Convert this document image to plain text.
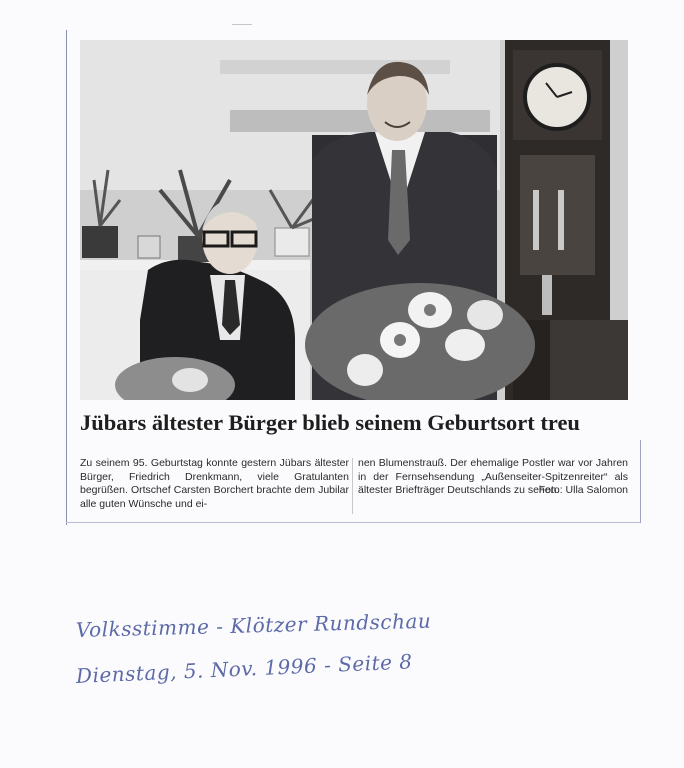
Jübars ältester Bürger blieb seinem Geburtsort treu
Zu seinem 95. Geburtstag konnte gestern Jübars ältester Bürger, Friedrich Drenkmann, viele Gratulanten begrüßen. Ortschef Carsten Borchert brachte dem Jubilar alle guten Wünsche und ei-
nen Blumenstrauß. Der ehemalige Postler war vor Jahren in der Fernsehsendung „Außenseiter-Spitzenreiter“ als ältester Briefträger Deutschlands zu sehen.
Foto: Ulla Salomon
Volksstimme - Klötzer Rundschau
Dienstag, 5. Nov. 1996 - Seite 8
